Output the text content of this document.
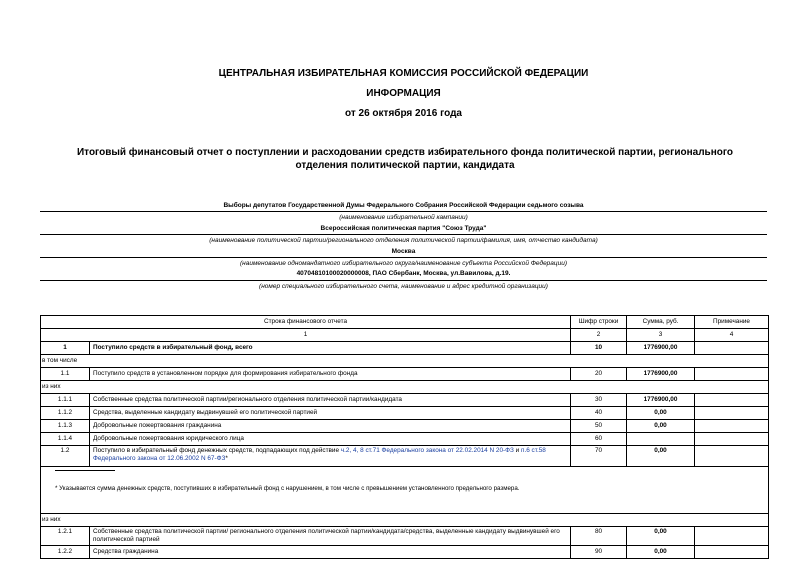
ЦЕНТРАЛЬНАЯ ИЗБИРАТЕЛЬНАЯ КОМИССИЯ РОССИЙСКОЙ ФЕДЕРАЦИИ
ИНФОРМАЦИЯ
от 26 октября 2016 года
Итоговый финансовый отчет о поступлении и расходовании средств избирательного фонда политической партии, регионального отделения политической партии, кандидата
Выборы депутатов Государственной Думы Федерального Собрания Российской Федерации седьмого созыва
(наименование избирательной кампании)
Всероссийская политическая партия "Союз Труда"
(наименование политической партии/регионального отделения политической партии/фамилия, имя, отчество кандидата)
Москва
(наименование одномандатного избирательного округа/наименование субъекта Российской Федерации)
40704810100020000008, ПАО Сбербанк, Москва, ул.Вавилова, д.19.
(номер специального избирательного счета, наименование и адрес кредитной организации)
Строка финансового отчета		Шифр строки	Сумма, руб.	Примечание
1		2	3	4
1	Поступило средств в избирательный фонд, всего	10	1776900,00	
в том числе				
1.1	Поступило средств в установленном порядке для формирования избирательного фонда	20	1776900,00	
из них				
1.1.1	Собственные средства политической партии/регионального отделения политической партии/кандидата	30	1776900,00	
1.1.2	Средства, выделенные кандидату выдвинувшей его политической партией	40	0,00	
1.1.3	Добровольные пожертвования гражданина	50	0,00	
1.1.4	Добровольные пожертвования юридического лица	60		
1.2	Поступило в избирательный фонд денежных средств, подпадающих под действие ч.2, 4, 8 ст.71 Федерального закона от 22.02.2014 N 20-ФЗ и п.6 ст.58 Федерального закона от 12.06.2002 N 67-ФЗ*	70	0,00	

* Указывается сумма денежных средств, поступивших в избирательный фонд с нарушением, в том числе с превышением установленного предельного размера.				

из них				
1.2.1	Собственные средства политической партии/ регионального отделения политической партии/кандидата/средства, выделенные кандидату выдвинувшей его политической партией	80	0,00	
1.2.2	Средства гражданина	90	0,00	
